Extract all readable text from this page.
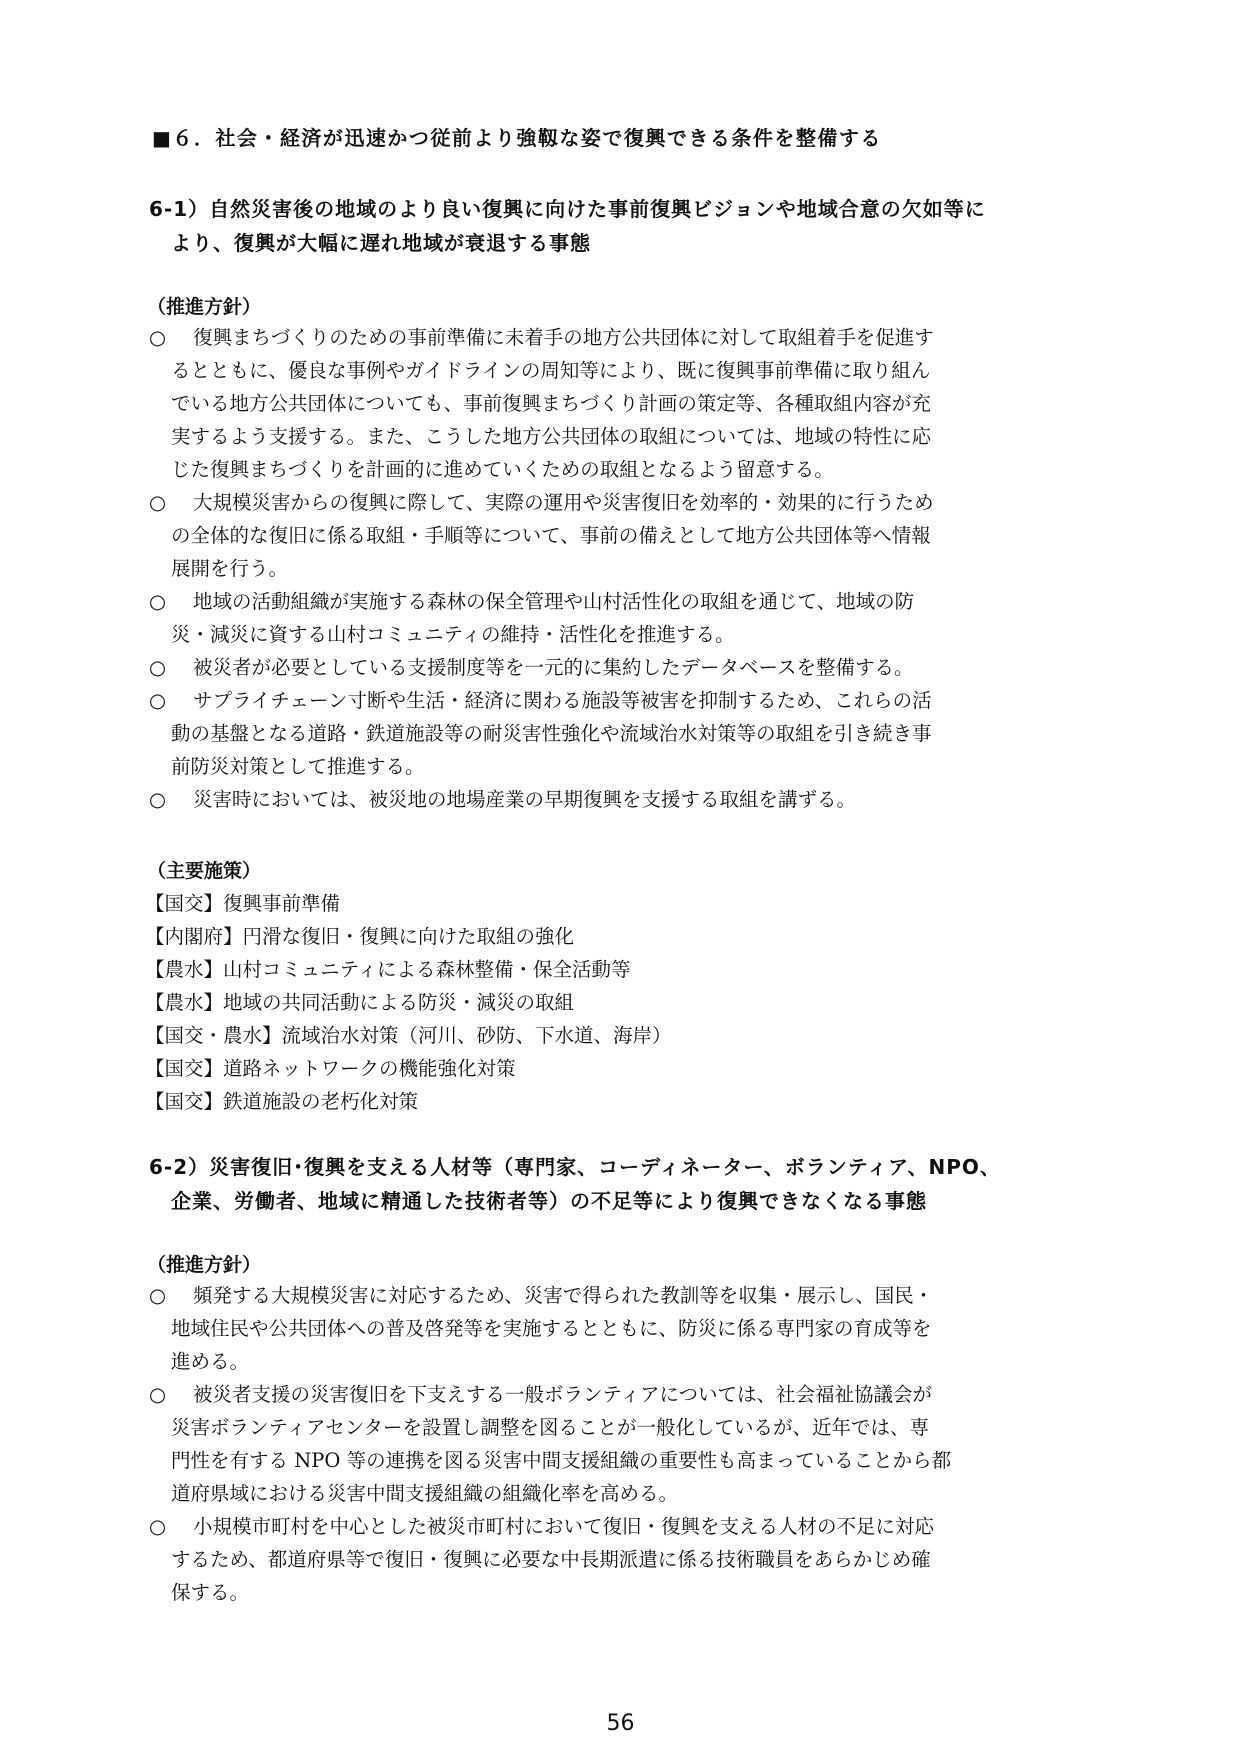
■６．社会・経済が迅速かつ従前より強靱な姿で復興できる条件を整備する
6-1）自然災害後の地域のより良い復興に向けた事前復興ビジョンや地域合意の欠如等に
より、復興が大幅に遅れ地域が衰退する事態
（推進方針）
○ 復興まちづくりのための事前準備に未着手の地方公共団体に対して取組着手を促進す
るとともに、優良な事例やガイドラインの周知等により、既に復興事前準備に取り組ん
でいる地方公共団体についても、事前復興まちづくり計画の策定等、各種取組内容が充
実するよう支援する。また、こうした地方公共団体の取組については、地域の特性に応
じた復興まちづくりを計画的に進めていくための取組となるよう留意する。
○ 大規模災害からの復興に際して、実際の運用や災害復旧を効率的・効果的に行うため
の全体的な復旧に係る取組・手順等について、事前の備えとして地方公共団体等へ情報
展開を行う。
○ 地域の活動組織が実施する森林の保全管理や山村活性化の取組を通じて、地域の防
災・減災に資する山村コミュニティの維持・活性化を推進する。
○ 被災者が必要としている支援制度等を一元的に集約したデータベースを整備する。
○ サプライチェーン寸断や生活・経済に関わる施設等被害を抑制するため、これらの活
動の基盤となる道路・鉄道施設等の耐災害性強化や流域治水対策等の取組を引き続き事
前防災対策として推進する。
○ 災害時においては、被災地の地場産業の早期復興を支援する取組を講ずる。
（主要施策）
【国交】復興事前準備
【内閣府】円滑な復旧・復興に向けた取組の強化
【農水】山村コミュニティによる森林整備・保全活動等
【農水】地域の共同活動による防災・減災の取組
【国交・農水】流域治水対策（河川、砂防、下水道、海岸）
【国交】道路ネットワークの機能強化対策
【国交】鉄道施設の老朽化対策
6-2）災害復旧･復興を支える人材等（専門家、コーディネーター、ボランティア、NPO、
企業、労働者、地域に精通した技術者等）の不足等により復興できなくなる事態
（推進方針）
○ 頻発する大規模災害に対応するため、災害で得られた教訓等を収集・展示し、国民・
地域住民や公共団体への普及啓発等を実施するとともに、防災に係る専門家の育成等を
進める。
○ 被災者支援の災害復旧を下支えする一般ボランティアについては、社会福祉協議会が
災害ボランティアセンターを設置し調整を図ることが一般化しているが、近年では、専
門性を有する NPO 等の連携を図る災害中間支援組織の重要性も高まっていることから都
道府県域における災害中間支援組織の組織化率を高める。
○ 小規模市町村を中心とした被災市町村において復旧・復興を支える人材の不足に対応
するため、都道府県等で復旧・復興に必要な中長期派遣に係る技術職員をあらかじめ確
保する。
56
